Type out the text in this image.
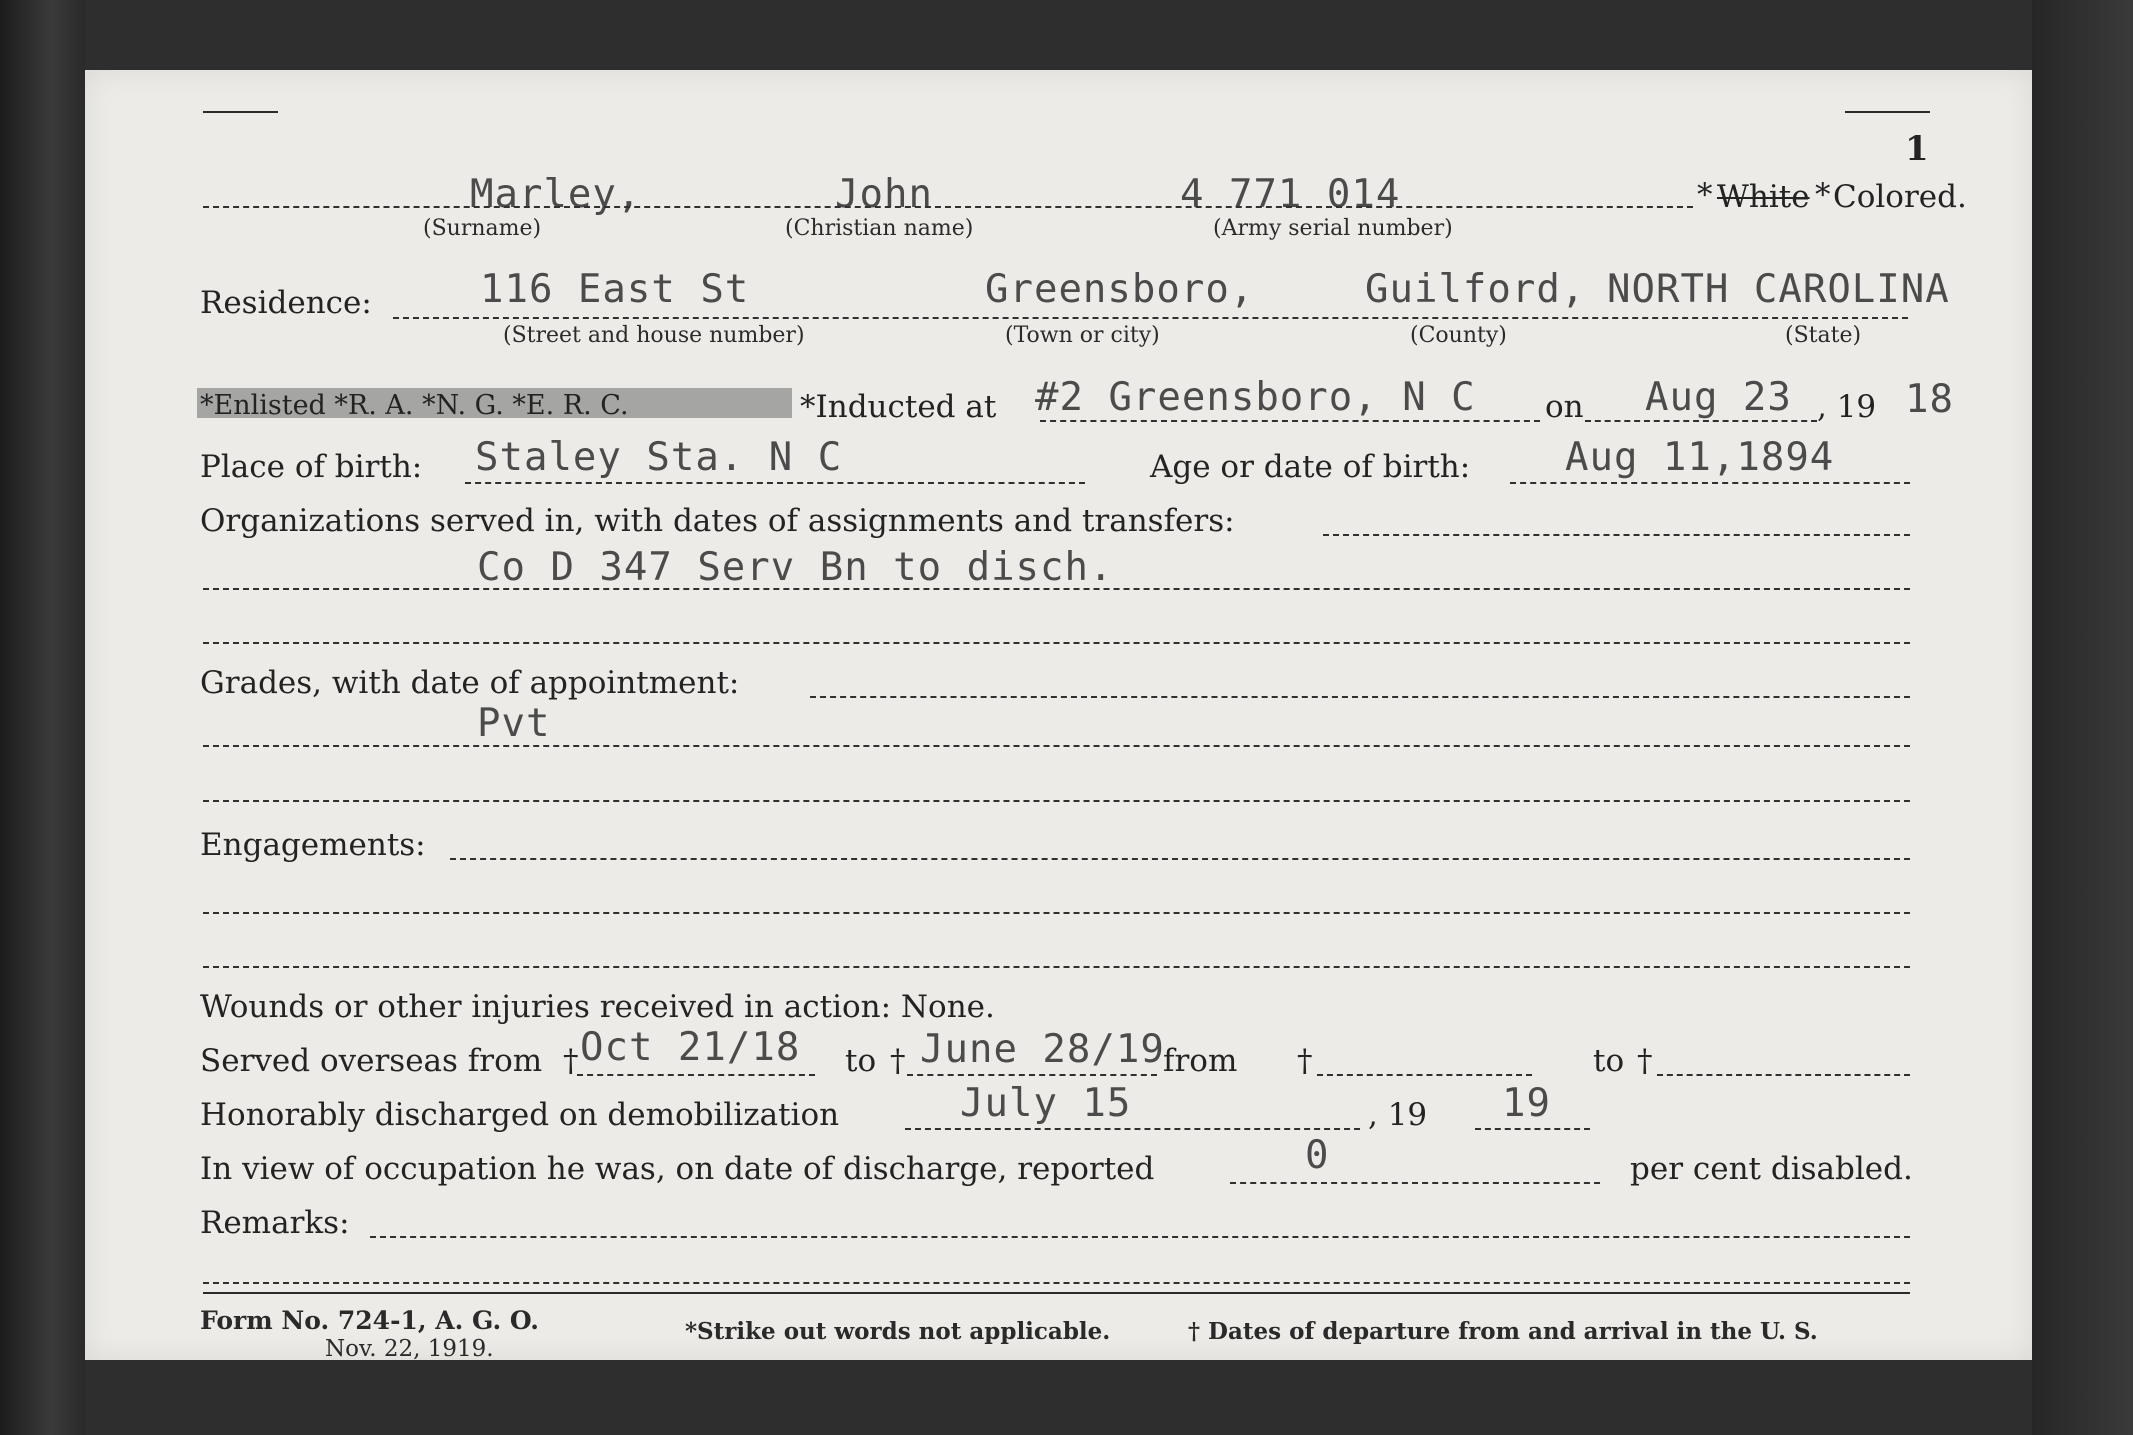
1
Marley,	John	4 771 014	* White * Colored.
(Surname)	(Christian name)	(Army serial number)
Residence:	116 East St	Greensboro,	Guilford, NORTH CAROLINA
(Street and house number)	(Town or city)	(County)	(State)
*Enlisted *R. A. *N. G. *E. R. C.	*Inducted at #2 Greensboro, N C on Aug 23 , 19 18
Place of birth: Staley Sta. N C	Age or date of birth: Aug 11,1894
Organizations served in, with dates of assignments and transfers:
Co D 347 Serv Bn to disch.
Grades, with date of appointment:
Pvt
Engagements:
Wounds or other injuries received in action: None.
Served overseas from † Oct 21/18 to † June 28/19
from †	to †
Honorably discharged on demobilization	July 15	, 19 19
In view of occupation he was, on date of discharge, reported	0	per cent disabled.
Remarks:
Form No. 724-1, A. G. O.
Nov. 22, 1919.
*Strike out words not applicable.	† Dates of departure from and arrival in the U. S.
